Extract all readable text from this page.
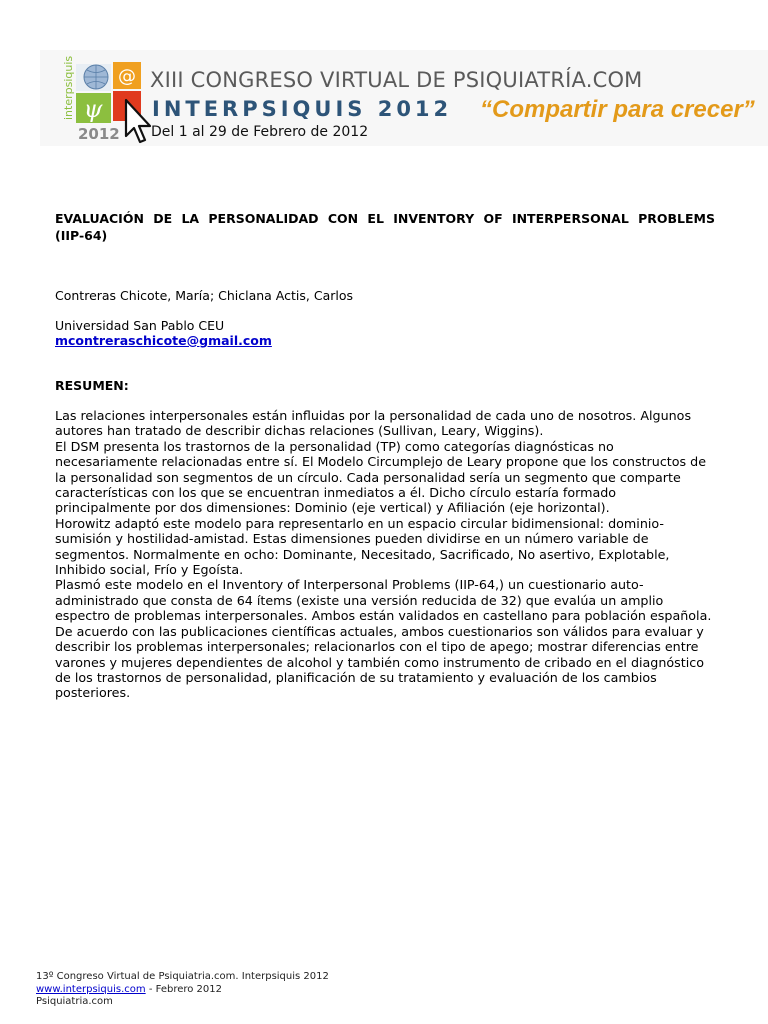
interpsiquis @
ψ
2012
XIII CONGRESO VIRTUAL DE PSIQUIATRÍA.COM
INTERPSIQUIS 2012 “Compartir para crecer”
Del 1 al 29 de Febrero de 2012

EVALUACIÓN DE LA PERSONALIDAD CON EL INVENTORY OF INTERPERSONAL PROBLEMS (IIP-64)

Contreras Chicote, María; Chiclana Actis, Carlos
Universidad San Pablo CEU
mcontreraschicote@gmail.com
RESUMEN:

Las relaciones interpersonales están influidas por la personalidad de cada uno de nosotros. Algunos autores han tratado de describir dichas relaciones (Sullivan, Leary, Wiggins).

El DSM presenta los trastornos de la personalidad (TP) como categorías diagnósticas no necesariamente relacionadas entre sí. El Modelo Circumplejo de Leary propone que los constructos de la personalidad son segmentos de un círculo. Cada personalidad sería un segmento que comparte características con los que se encuentran inmediatos a él. Dicho círculo estaría formado principalmente por dos dimensiones: Dominio (eje vertical) y Afiliación (eje horizontal).

Horowitz adaptó este modelo para representarlo en un espacio circular bidimensional: dominio-sumisión y hostilidad-amistad. Estas dimensiones pueden dividirse en un número variable de segmentos. Normalmente en ocho: Dominante, Necesitado, Sacrificado, No asertivo, Explotable, Inhibido social, Frío y Egoísta.

Plasmó este modelo en el Inventory of Interpersonal Problems (IIP-64,) un cuestionario auto-administrado que consta de 64 ítems (existe una versión reducida de 32) que evalúa un amplio espectro de problemas interpersonales. Ambos están validados en castellano para población española.

De acuerdo con las publicaciones científicas actuales, ambos cuestionarios son válidos para evaluar y describir los problemas interpersonales; relacionarlos con el tipo de apego; mostrar diferencias entre varones y mujeres dependientes de alcohol y también como instrumento de cribado en el diagnóstico de los trastornos de personalidad, planificación de su tratamiento y evaluación de los cambios posteriores.

13º Congreso Virtual de Psiquiatria.com. Interpsiquis 2012
www.interpsiquis.com - Febrero 2012
Psiquiatria.com
